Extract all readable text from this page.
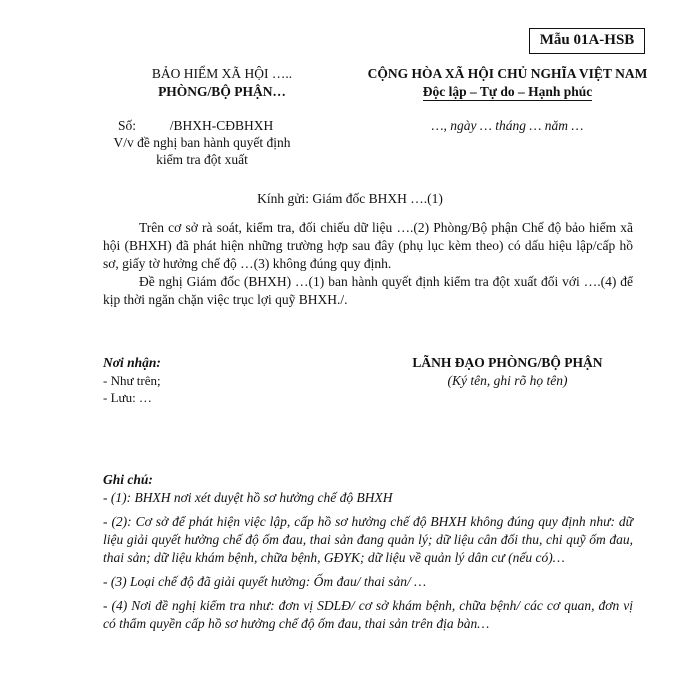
Mẫu 01A-HSB
BẢO HIỂM XÃ HỘI …..
PHÒNG/BỘ PHẬN…
CỘNG HÒA XÃ HỘI CHỦ NGHĨA VIỆT NAM
Độc lập – Tự do – Hạnh phúc
Số:          /BHXH-CĐBHXH
V/v đề nghị ban hành quyết định
kiểm tra đột xuất
…, ngày … tháng … năm …
Kính gửi: Giám đốc BHXH ….(1)

Trên cơ sở rà soát, kiểm tra, đối chiếu dữ liệu ….(2) Phòng/Bộ phận Chế độ bảo hiểm xã hội (BHXH) đã phát hiện những trường hợp sau đây (phụ lục kèm theo) có dấu hiệu lập/cấp hồ sơ, giấy tờ hưởng chế độ …(3) không đúng quy định.

Đề nghị Giám đốc (BHXH) …(1) ban hành quyết định kiểm tra đột xuất đối với ….(4) để kịp thời ngăn chặn việc trục lợi quỹ BHXH./.

Nơi nhận:
- Như trên;
- Lưu: …
LÃNH ĐẠO PHÒNG/BỘ PHẬN
(Ký tên, ghi rõ họ tên)
Ghi chú:

- (1): BHXH nơi xét duyệt hồ sơ hưởng chế độ BHXH

- (2): Cơ sở để phát hiện việc lập, cấp hồ sơ hưởng chế độ BHXH không đúng quy định như: dữ liệu giải quyết hưởng chế độ ốm đau, thai sản đang quản lý; dữ liệu cân đối thu, chi quỹ ốm đau, thai sản; dữ liệu khám bệnh, chữa bệnh, GĐYK; dữ liệu về quản lý dân cư (nếu có)…

- (3) Loại chế độ đã giải quyết hưởng: Ốm đau/ thai sản/ …

- (4) Nơi đề nghị kiểm tra như: đơn vị SDLĐ/ cơ sở khám bệnh, chữa bệnh/ các cơ quan, đơn vị có thẩm quyền cấp hồ sơ hưởng chế độ ốm đau, thai sản trên địa bàn…
